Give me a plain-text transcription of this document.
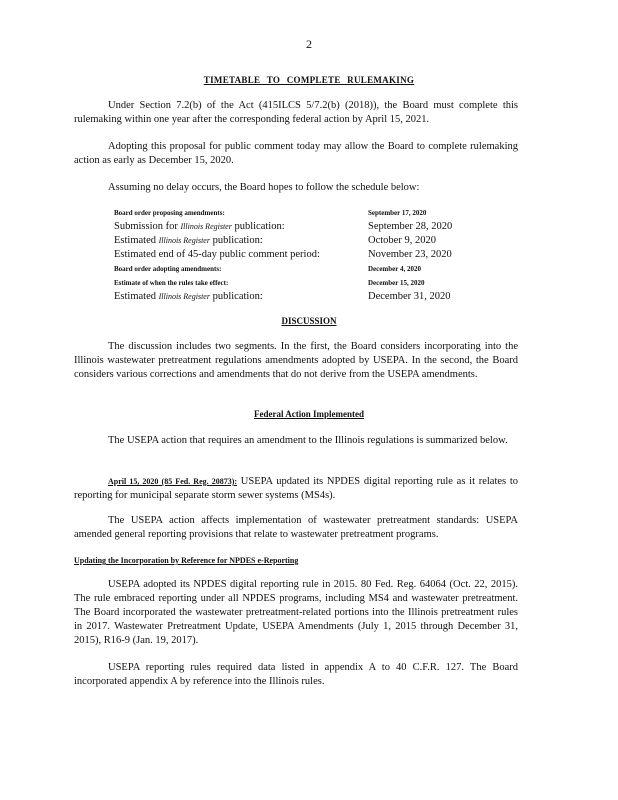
2
TIMETABLE TO COMPLETE RULEMAKING
Under Section 7.2(b) of the Act (415ILCS 5/7.2(b) (2018)), the Board must complete this rulemaking within one year after the corresponding federal action by April 15, 2021.
Adopting this proposal for public comment today may allow the Board to complete rulemaking action as early as December 15, 2020.
Assuming no delay occurs, the Board hopes to follow the schedule below:
Board order proposing amendments:	September 17, 2020
Submission for Illinois Register publication:	September 28, 2020
Estimated Illinois Register publication:	October 9, 2020
Estimated end of 45-day public comment period:	November 23, 2020
Board order adopting amendments:	December 4, 2020
Estimate of when the rules take effect:	December 15, 2020
Estimated Illinois Register publication:	December 31, 2020
DISCUSSION
The discussion includes two segments. In the first, the Board considers incorporating into the Illinois wastewater pretreatment regulations amendments adopted by USEPA. In the second, the Board considers various corrections and amendments that do not derive from the USEPA amendments.
Federal Action Implemented
The USEPA action that requires an amendment to the Illinois regulations is summarized below.
April 15, 2020 (85 Fed. Reg. 20873): USEPA updated its NPDES digital reporting rule as it relates to reporting for municipal separate storm sewer systems (MS4s).
The USEPA action affects implementation of wastewater pretreatment standards: USEPA amended general reporting provisions that relate to wastewater pretreatment programs.
Updating the Incorporation by Reference for NPDES e-Reporting
USEPA adopted its NPDES digital reporting rule in 2015. 80 Fed. Reg. 64064 (Oct. 22, 2015). The rule embraced reporting under all NPDES programs, including MS4 and wastewater pretreatment. The Board incorporated the wastewater pretreatment-related portions into the Illinois pretreatment rules in 2017. Wastewater Pretreatment Update, USEPA Amendments (July 1, 2015 through December 31, 2015), R16-9 (Jan. 19, 2017).
USEPA reporting rules required data listed in appendix A to 40 C.F.R. 127. The Board incorporated appendix A by reference into the Illinois rules.
